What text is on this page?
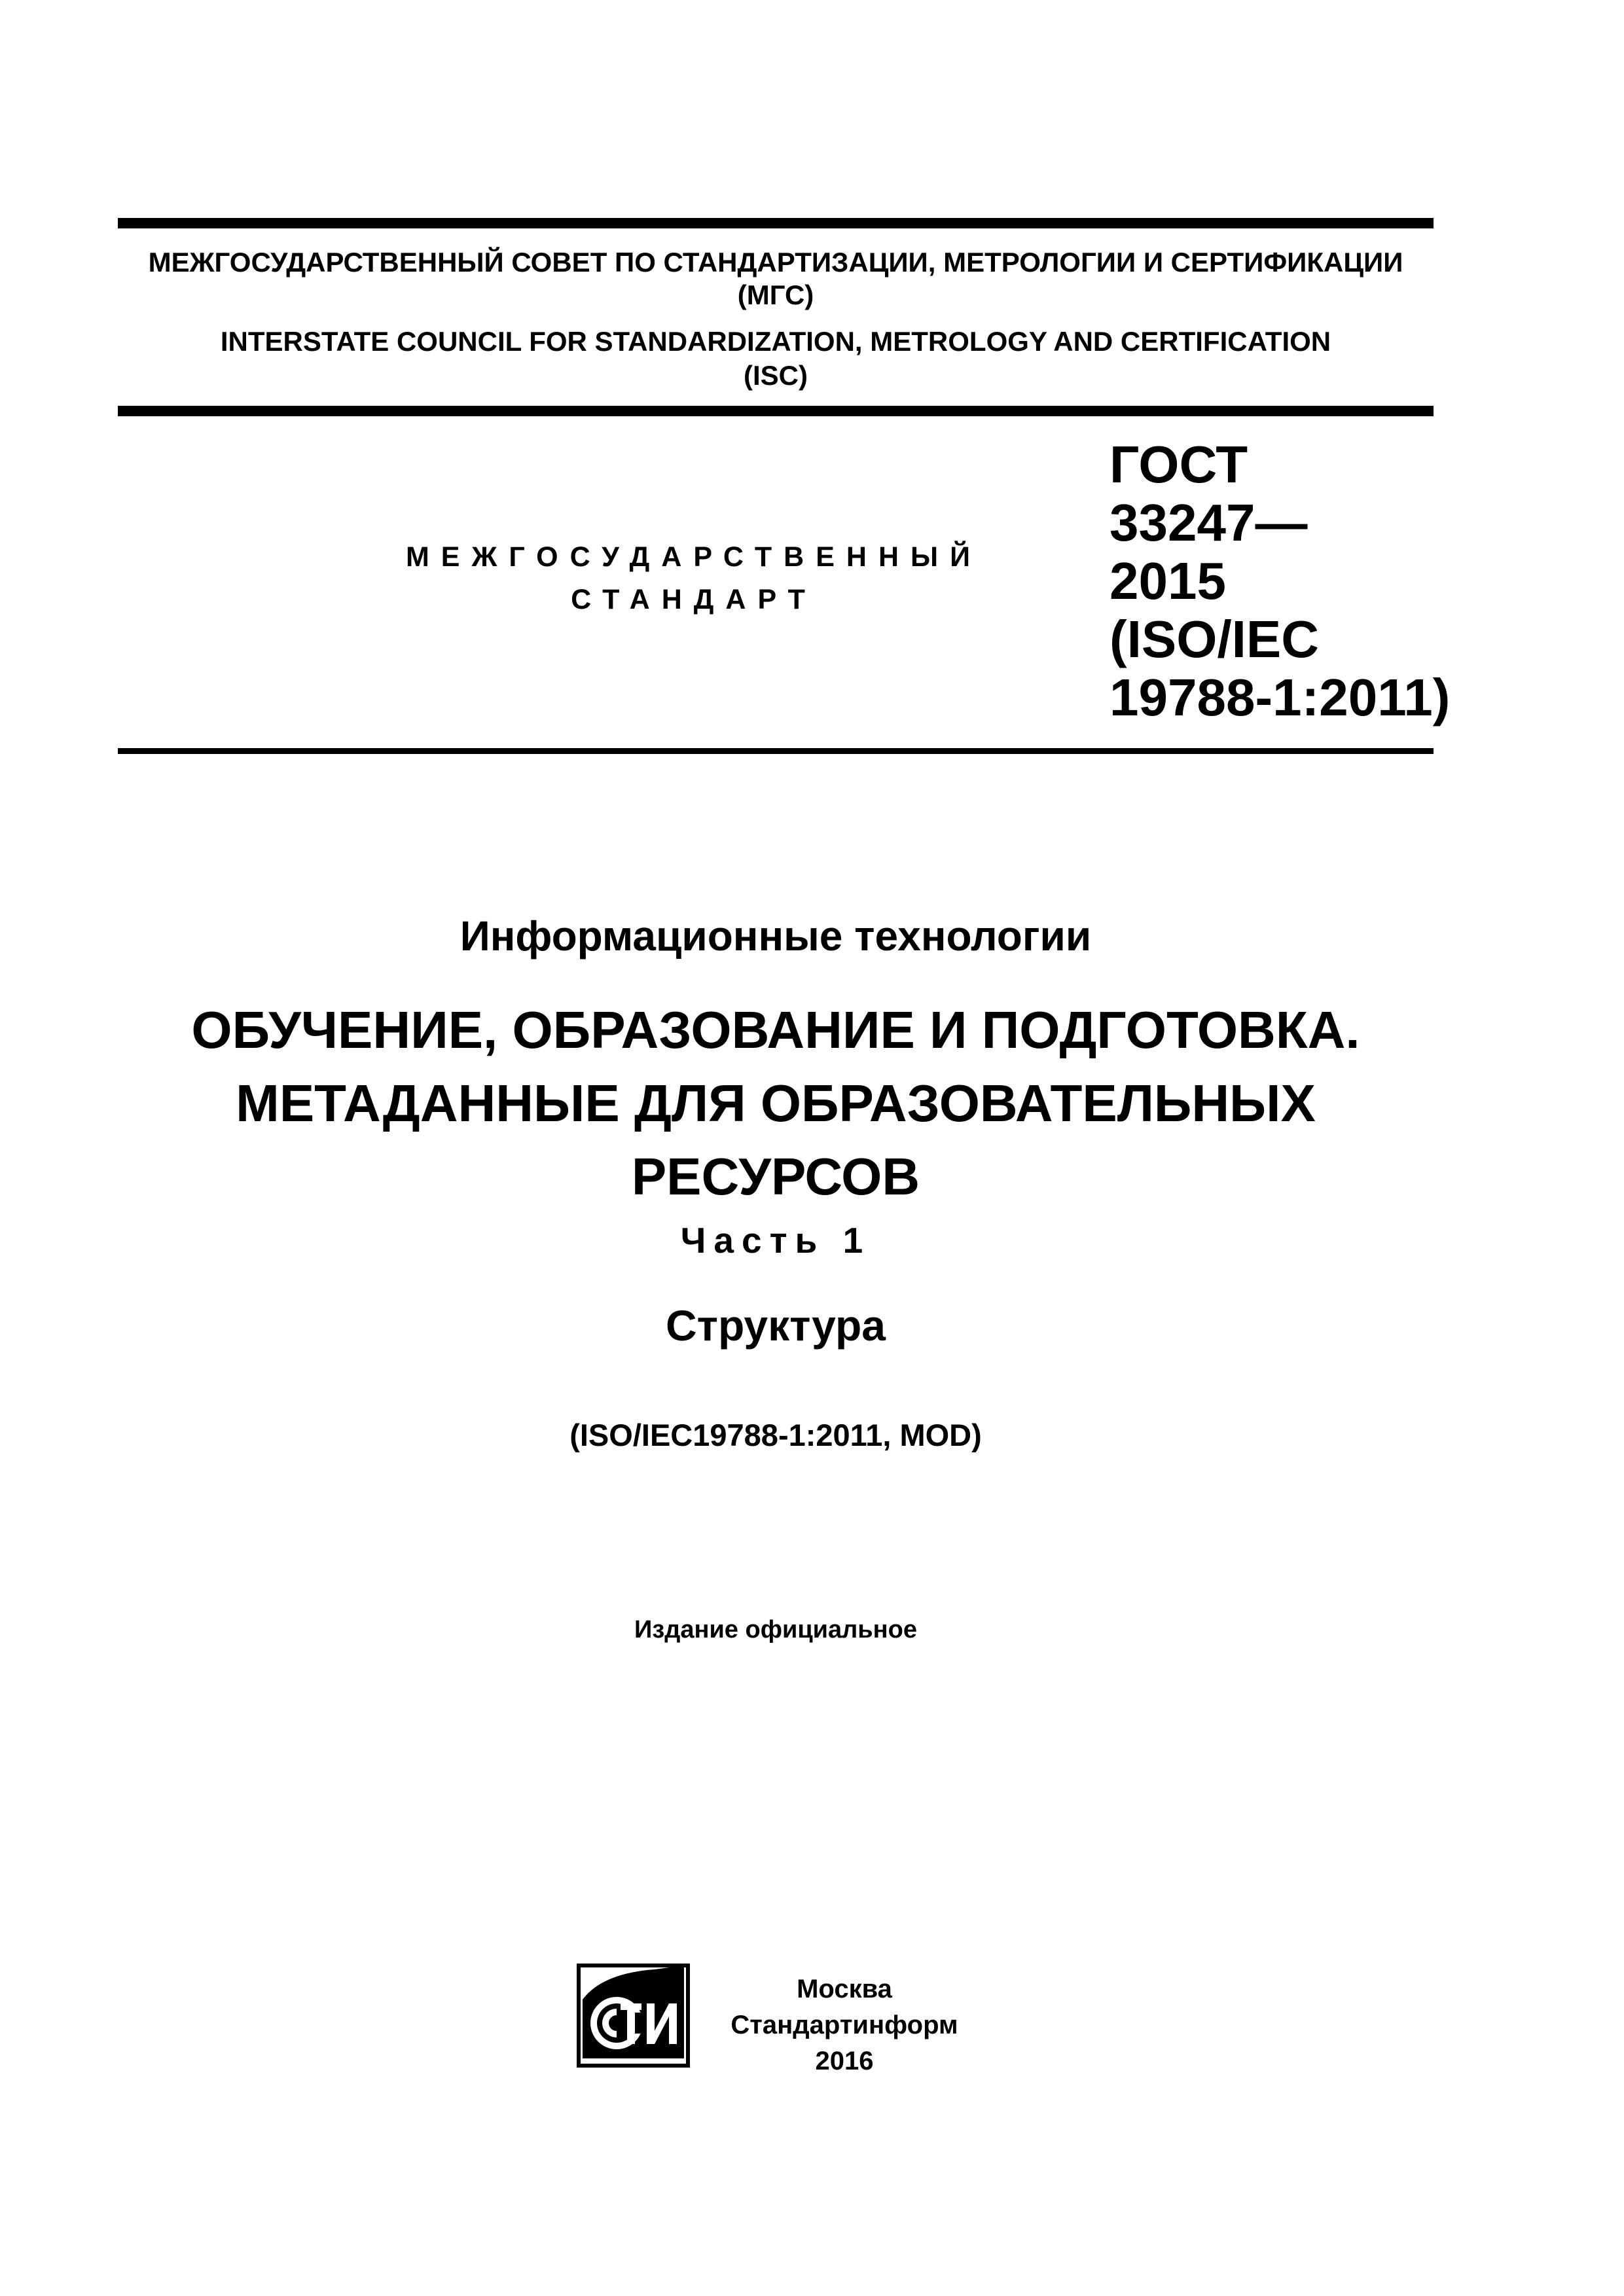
МЕЖГОСУДАРСТВЕННЫЙ СОВЕТ ПО СТАНДАРТИЗАЦИИ, МЕТРОЛОГИИ И СЕРТИФИКАЦИИ
(МГС)
INTERSTATE COUNCIL FOR STANDARDIZATION, METROLOGY AND CERTIFICATION
(ISC)
МЕЖГОСУДАРСТВЕННЫЙ
СТАНДАРТ
ГОСТ
33247—
2015
(ISO/IEC
19788-1:2011)
Информационные технологии
ОБУЧЕНИЕ, ОБРАЗОВАНИЕ И ПОДГОТОВКА.
МЕТАДАННЫЕ ДЛЯ ОБРАЗОВАТЕЛЬНЫХ
РЕСУРСОВ
Часть 1
Структура
(ISO/IEC19788-1:2011, MOD)
Издание официальное
Москва
Стандартинформ
2016
